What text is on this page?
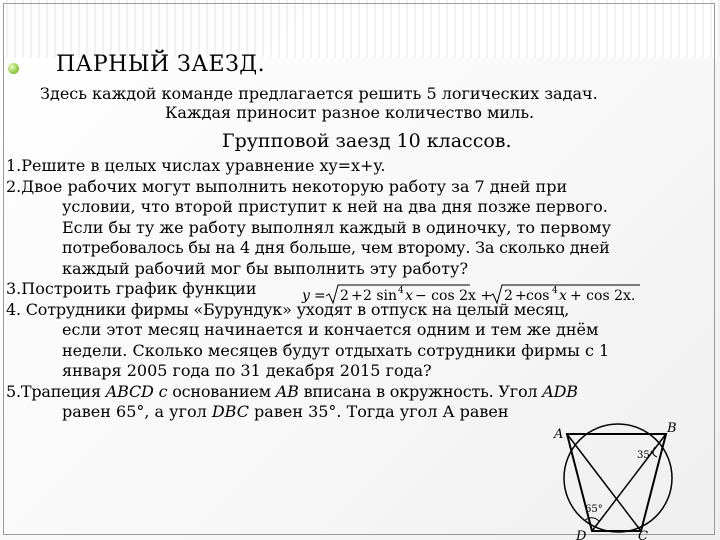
ПАРНЫЙ ЗАЕЗД.
Здесь каждой команде предлагается решить 5 логических задач.
Каждая приносит разное количество миль.
Групповой заезд 10 классов.
1.Решите в целых числах уравнение xy=x+y.
2.Двое рабочих могут выполнить некоторую работу за 7 дней при
условии, что второй приступит к ней на два дня позже первого.
Если бы ту же работу выполнял каждый в одиночку, то первому
потребовалось бы на 4 дня больше, чем второму. За сколько дней
каждый рабочий мог бы выполнить эту работу?
3.Построить график функции
4. Сотрудники фирмы «Бурундук» уходят в отпуск на целый месяц,
если этот месяц начинается и кончается одним и тем же днём
недели. Сколько месяцев будут отдыхать сотрудники фирмы с 1
января 2005 года по 31 декабря 2015 года?
5.Трапеция ABCD с основанием AB вписана в окружность. Угол ADB
равен 65°, а угол DBC равен 35°. Тогда угол А равен
y = 2 + 2 sin 4 x − cos 2x + 2 + cos 4 x + cos 2x.
A	B
C
D
65°
35°
